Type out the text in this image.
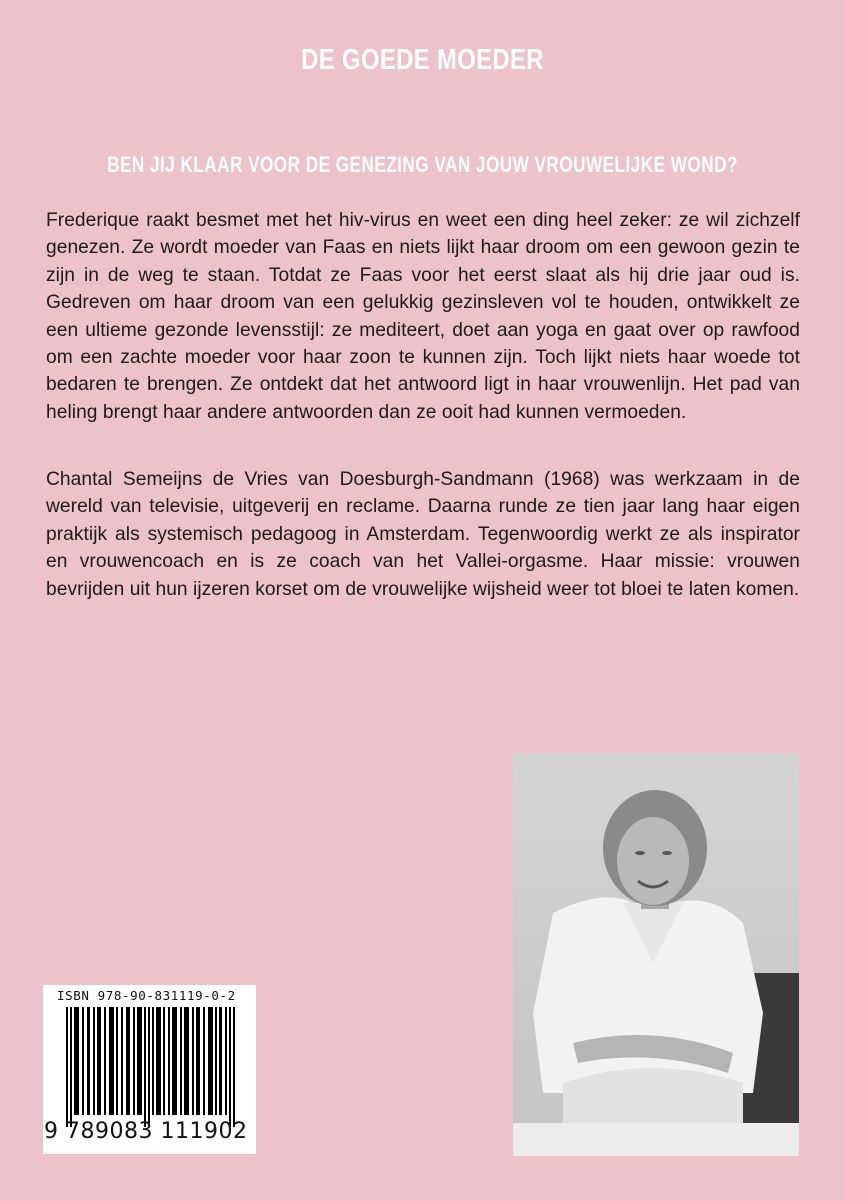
DE GOEDE MOEDER
BEN JIJ KLAAR VOOR DE GENEZING VAN JOUW VROUWELIJKE WOND?

Frederique raakt besmet met het hiv-virus en weet een ding heel zeker: ze wil zichzelf genezen. Ze wordt moeder van Faas en niets lijkt haar droom om een gewoon gezin te zijn in de weg te staan. Totdat ze Faas voor het eerst slaat als hij drie jaar oud is. Gedreven om haar droom van een gelukkig gezinsleven vol te houden, ontwikkelt ze een ultieme gezonde levensstijl: ze mediteert, doet aan yoga en gaat over op rawfood om een zachte moeder voor haar zoon te kunnen zijn. Toch lijkt niets haar woede tot bedaren te brengen. Ze ontdekt dat het antwoord ligt in haar vrouwenlijn. Het pad van heling brengt haar andere antwoorden dan ze ooit had kunnen vermoeden.

Chantal Semeijns de Vries van Doesburgh-Sandmann (1968) was werkzaam in de wereld van televisie, uitgeverij en reclame. Daarna runde ze tien jaar lang haar eigen praktijk als systemisch pedagoog in Amsterdam. Tegenwoordig werkt ze als inspirator en vrouwencoach en is ze coach van het Vallei-orgasme. Haar missie: vrouwen bevrijden uit hun ijzeren korset om de vrouwelijke wijsheid weer tot bloei te laten komen.

ISBN 978-90-831119-0-2
9 789083 111902
